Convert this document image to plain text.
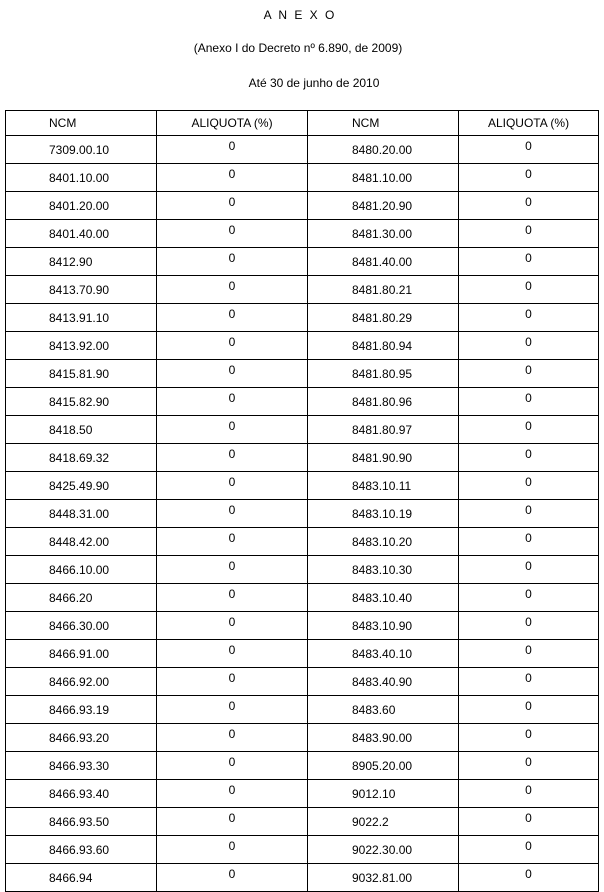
A N E X O
(Anexo I do Decreto nº 6.890, de 2009)
Até 30 de junho de 2010
NCM	ALIQUOTA (%)	NCM	ALIQUOTA (%)
7309.00.10	0	8480.20.00	0
8401.10.00	0	8481.10.00	0
8401.20.00	0	8481.20.90	0
8401.40.00	0	8481.30.00	0
8412.90	0	8481.40.00	0
8413.70.90	0	8481.80.21	0
8413.91.10	0	8481.80.29	0
8413.92.00	0	8481.80.94	0
8415.81.90	0	8481.80.95	0
8415.82.90	0	8481.80.96	0
8418.50	0	8481.80.97	0
8418.69.32	0	8481.90.90	0
8425.49.90	0	8483.10.11	0
8448.31.00	0	8483.10.19	0
8448.42.00	0	8483.10.20	0
8466.10.00	0	8483.10.30	0
8466.20	0	8483.10.40	0
8466.30.00	0	8483.10.90	0
8466.91.00	0	8483.40.10	0
8466.92.00	0	8483.40.90	0
8466.93.19	0	8483.60	0
8466.93.20	0	8483.90.00	0
8466.93.30	0	8905.20.00	0
8466.93.40	0	9012.10	0
8466.93.50	0	9022.2	0
8466.93.60	0	9022.30.00	0
8466.94	0	9032.81.00	0
